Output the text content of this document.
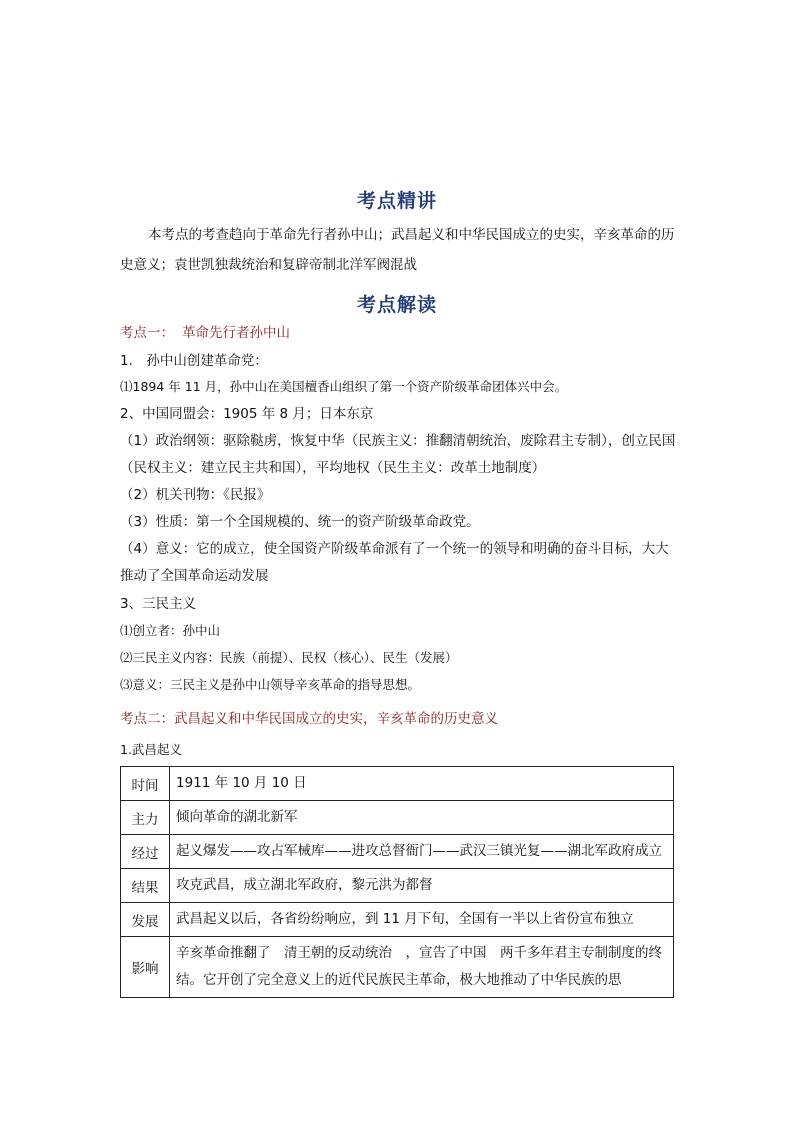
考点精讲
本考点的考查趋向于革命先行者孙中山；武昌起义和中华民国成立的史实，辛亥革命的历史意义；袁世凯独裁统治和复辟帝制北洋军阀混战
考点解读
考点一： 革命先行者孙中山
1.　孙中山创建革命党：
⑴1894 年 11 月，孙中山在美国檀香山组织了第一个资产阶级革命团体兴中会。
2、中国同盟会：1905 年 8 月；日本东京
（1）政治纲领：驱除鞑虏，恢复中华（民族主义：推翻清朝统治，废除君主专制），创立民国（民权主义：建立民主共和国），平均地权（民生主义：改革土地制度）
（2）机关刊物：《民报》
（3）性质：第一个全国规模的、统一的资产阶级革命政党。
（4）意义：它的成立，使全国资产阶级革命派有了一个统一的领导和明确的奋斗目标，大大推动了全国革命运动发展
3、三民主义
⑴创立者：孙中山
⑵三民主义内容：民族（前提）、民权（核心）、民生（发展）
⑶意义：三民主义是孙中山领导辛亥革命的指导思想。
考点二：武昌起义和中华民国成立的史实，辛亥革命的历史意义
1.武昌起义
时间	1911 年 10 月 10 日
主力	倾向革命的湖北新军
经过	起义爆发——攻占军械库——进攻总督衙门——武汉三镇光复——湖北军政府成立
结果	攻克武昌，成立湖北军政府，黎元洪为都督
发展	武昌起义以后，各省纷纷响应，到 11 月下旬，全国有一半以上省份宣布独立
影响	辛亥革命推翻了　清王朝的反动统治　，宣告了中国　两千多年君主专制制度的终结。它开创了完全意义上的近代民族民主革命，极大地推动了中华民族的思
